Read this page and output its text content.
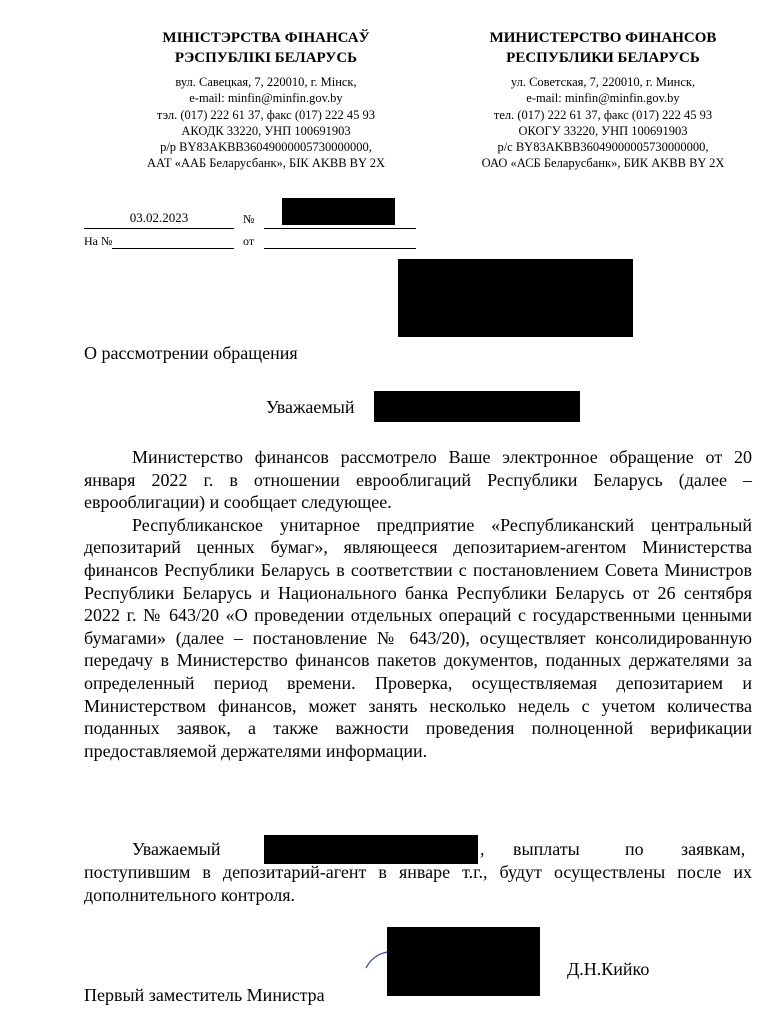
МІНІСТЭРСТВА ФІНАНСАЎ
РЭСПУБЛІКІ БЕЛАРУСЬ
вул. Савецкая, 7, 220010, г. Мінск,
e-mail: minfin@minfin.gov.by
тэл. (017) 222 61 37, факс (017) 222 45 93
АКОДК 33220, УНП 100691903
р/р BY83AKBB36049000005730000000,
ААТ «ААБ Беларусбанк», БІК AKBB BY 2X
МИНИСТЕРСТВО ФИНАНСОВ
РЕСПУБЛИКИ БЕЛАРУСЬ
ул. Советская, 7, 220010, г. Минск,
e-mail: minfin@minfin.gov.by
тел. (017) 222 61 37, факс (017) 222 45 93
ОКОГУ 33220, УНП 100691903
р/с BY83AKBB36049000005730000000,
ОАО «АСБ Беларусбанк», БИК AKBB BY 2X
03.02.2023	№
На №	от
О рассмотрении обращения
Уважаемый

Министерство финансов рассмотрело Ваше электронное обращение от 20 января 2022 г. в отношении еврооблигаций Республики Беларусь (далее – еврооблигации) и сообщает следующее.

Республиканское унитарное предприятие «Республиканский центральный депозитарий ценных бумаг», являющееся депозитарием-агентом Министерства финансов Республики Беларусь в соответствии с постановлением Совета Министров Республики Беларусь и Национального банка Республики Беларусь от 26 сентября 2022 г. № 643/20 «О проведении отдельных операций с государственными ценными бумагами» (далее – постановление № 643/20), осуществляет консолидированную передачу в Министерство финансов пакетов документов, поданных держателями за определенный период времени. Проверка, осуществляемая депозитарием и Министерством финансов, может занять несколько недель с учетом количества поданных заявок, а также важности проведения полноценной верификации предоставляемой держателями информации.

Уважаемый	, выплаты	по заявкам,

поступившим в депозитарий-агент в январе т.г., будут осуществлены после их дополнительного контроля.

Д.Н.Кийко
Первый заместитель Министра
